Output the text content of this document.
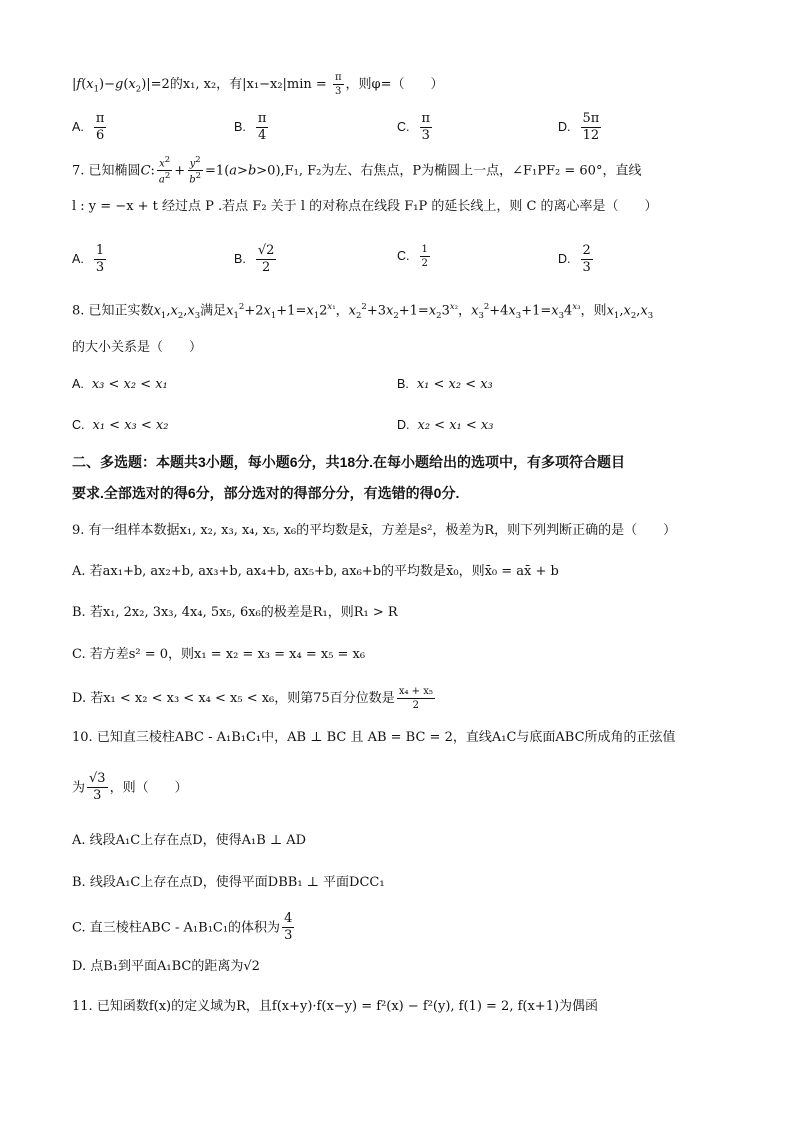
$|f(x_1)-g(x_2)|=2$的x₁, x₂，有$|x_1-x_2|\min = \frac{\pi}{3}$ ，则φ=（　　）
A. $\frac{\pi}{6}$	B. $\frac{\pi}{4}$	C. $\frac{\pi}{3}$	D. $\frac{5\pi}{12}$
7. 已知椭圆C: $\frac{x^2}{a^2} + \frac{y^2}{b^2} =1(a>b>0),F_1$, F₂为左、右焦点，P为椭圆上一点，∠F₁PF₂ = 60°，直线
l : y = −x + t 经过点 P .若点 F₂ 关于 l 的对称点在线段 F₁P 的延长线上，则 C 的离心率是（　　）
A. $\frac{1}{3}$	B. $\frac{√2}{2}$	C. $\frac{1}{2}$	D. $\frac{2}{3}$
8. 已知正实数$x_1,x_2,x_3$满足$x_1^2+2x_1+1=x_12^{x_1}$，$x_2^2+3x_2+1=x_23^{x_2}$，$x_3^2+4x_3+1=x_34^{x_3}$，则$x_1,x_2,x_3$
的大小关系是（　　）
A. x₃ < x₂ < x₁	B. x₁ < x₂ < x₃
C. x₁ < x₃ < x₂	D. x₂ < x₁ < x₃
二、多选题：本题共3小题，每小题6分，共18分.在每小题给出的选项中，有多项符合题目
要求.全部选对的得6分，部分选对的得部分分，有选错的得0分.
9. 有一组样本数据x₁, x₂, x₃, x₄, x₅, x₆的平均数是x̄，方差是s²，极差为R，则下列判断正确的是（　　）
A. 若ax₁+b, ax₂+b, ax₃+b, ax₄+b, ax₅+b, ax₆+b的平均数是x̄₀，则x̄₀ = ax̄ + b
B. 若x₁, 2x₂, 3x₃, 4x₄, 5x₅, 6x₆的极差是R₁，则R₁ > R
C. 若方差s² = 0，则x₁ = x₂ = x₃ = x₄ = x₅ = x₆
D. 若x₁ < x₂ < x₃ < x₄ < x₅ < x₆，则第75百分位数是 $\frac{\text{x₄ + x₅}}{2}$
10. 已知直三棱柱ABC - A₁B₁C₁中，AB ⊥ BC 且 AB = BC = 2，直线A₁C与底面ABC所成角的正弦值
为 $\frac{√3}{3}$ ，则（　　）
A. 线段A₁C上存在点D，使得A₁B ⊥ AD
B. 线段A₁C上存在点D，使得平面DBB₁ ⊥ 平面DCC₁
C. 直三棱柱ABC - A₁B₁C₁的体积为 $\frac{4}{3}$
D. 点B₁到平面A₁BC的距离为√2
11. 已知函数f(x)的定义域为R，且f(x+y)·f(x−y) = f²(x) − f²(y), f(1) = 2, f(x+1)为偶函
